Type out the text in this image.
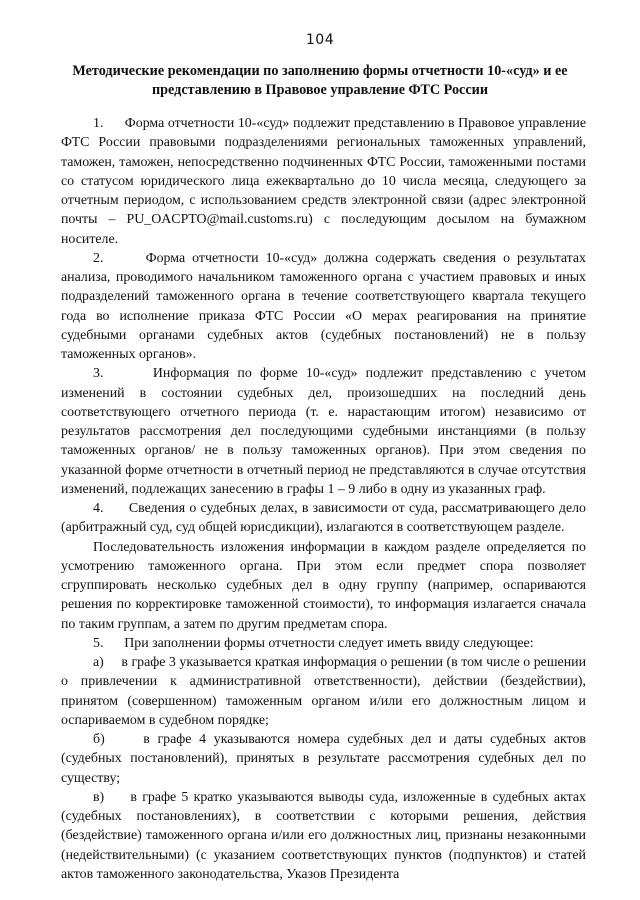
104
Методические рекомендации по заполнению формы отчетности 10-«суд» и ее представлению в Правовое управление ФТС России

1.      Форма отчетности 10-«суд» подлежит представлению в Правовое управление ФТС России правовыми подразделениями региональных таможенных управлений, таможен, таможен, непосредственно подчиненных ФТС России, таможенными постами со статусом юридического лица ежеквартально до 10 числа месяца, следующего за отчетным периодом, с использованием средств электронной связи (адрес электронной почты – PU_OACPTO@mail.customs.ru) с последующим досылом на бумажном носителе.

2.      Форма отчетности 10-«суд» должна содержать сведения о результатах анализа, проводимого начальником таможенного органа с участием правовых и иных подразделений таможенного органа в течение соответствующего квартала текущего года во исполнение приказа ФТС России «О мерах реагирования на принятие судебными органами судебных актов (судебных постановлений) не в пользу таможенных органов».

3.      Информация по форме 10-«суд» подлежит представлению с учетом изменений в состоянии судебных дел, произошедших на последний день соответствующего отчетного периода (т. е. нарастающим итогом) независимо от результатов рассмотрения дел последующими судебными инстанциями (в пользу таможенных органов/ не в пользу таможенных органов). При этом сведения по указанной форме отчетности в отчетный период не представляются в случае отсутствия изменений, подлежащих занесению в графы 1 – 9 либо в одну из указанных граф.

4.      Сведения о судебных делах, в зависимости от суда, рассматривающего дело (арбитражный суд, суд общей юрисдикции), излагаются в соответствующем разделе.

Последовательность изложения информации в каждом разделе определяется по усмотрению таможенного органа. При этом если предмет спора позволяет сгруппировать несколько судебных дел в одну группу (например, оспариваются решения по корректировке таможенной стоимости), то информация излагается сначала по таким группам, а затем по другим предметам спора.

5.      При заполнении формы отчетности следует иметь ввиду следующее:

а)     в графе 3 указывается краткая информация о решении (в том числе о решении о привлечении к административной ответственности), действии (бездействии), принятом (совершенном) таможенным органом и/или его должностным лицом и оспариваемом в судебном порядке;

б)     в графе 4 указываются номера судебных дел и даты судебных актов (судебных постановлений), принятых в результате рассмотрения судебных дел по существу;

в)     в графе 5 кратко указываются выводы суда, изложенные в судебных актах (судебных постановлениях), в соответствии с которыми решения, действия (бездействие) таможенного органа и/или его должностных лиц, признаны незаконными (недействительными) (с указанием соответствующих пунктов (подпунктов) и статей актов таможенного законодательства, Указов Президента
